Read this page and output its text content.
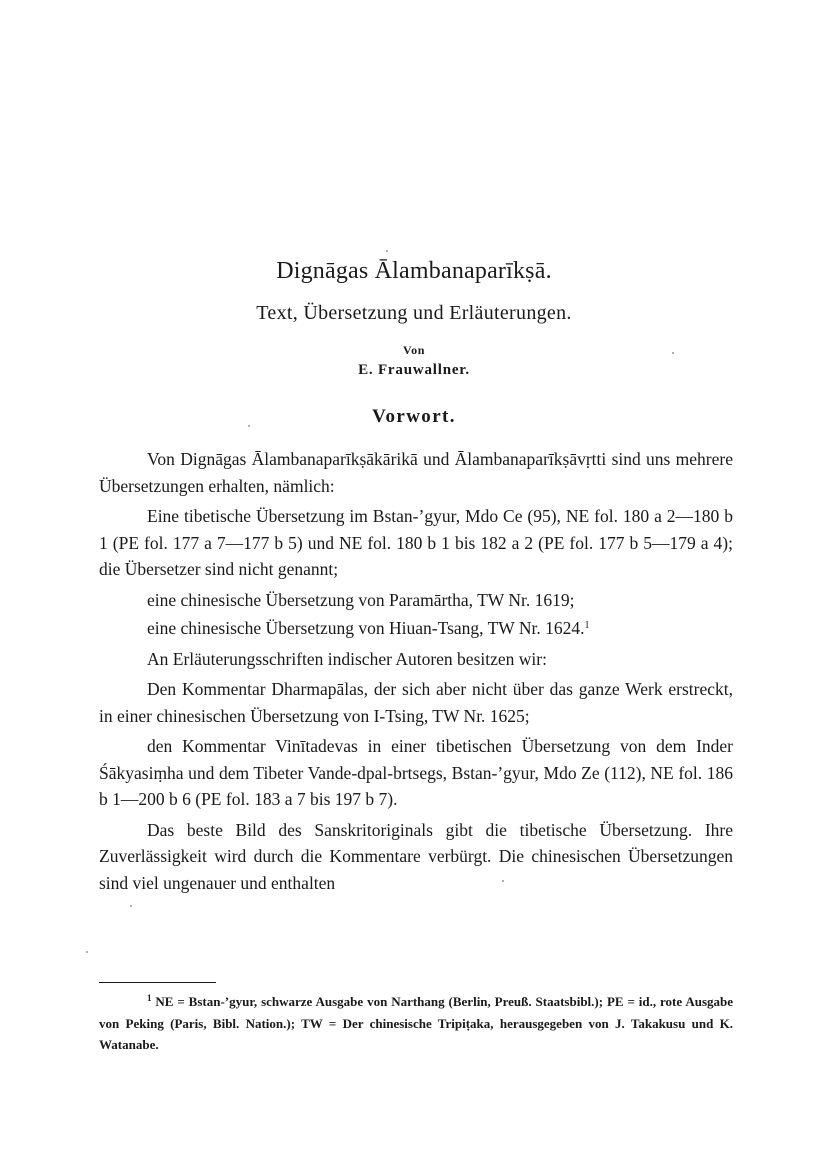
Dignāgas Ālambanaparīkṣā.
Text, Übersetzung und Erläuterungen.
Von
E. Frauwallner.
Vorwort.

Von Dignāgas Ālambanaparīkṣākārikā und Ālambanaparīkṣāvṛtti sind uns mehrere Übersetzungen erhalten, nämlich:

Eine tibetische Übersetzung im Bstan-ʼgyur, Mdo Ce (95), NE fol. 180 a 2—180 b 1 (PE fol. 177 a 7—177 b 5) und NE fol. 180 b 1 bis 182 a 2 (PE fol. 177 b 5—179 a 4); die Übersetzer sind nicht genannt;

eine chinesische Übersetzung von Paramārtha, TW Nr. 1619;

eine chinesische Übersetzung von Hiuan-Tsang, TW Nr. 1624.$^1$

An Erläuterungsschriften indischer Autoren besitzen wir:

Den Kommentar Dharmapālas, der sich aber nicht über das ganze Werk erstreckt, in einer chinesischen Übersetzung von I-Tsing, TW Nr. 1625;

den Kommentar Vinītadevas in einer tibetischen Übersetzung von dem Inder Śākyasiṃha und dem Tibeter Vande-dpal-brtsegs, Bstan-ʼgyur, Mdo Ze (112), NE fol. 186 b 1—200 b 6 (PE fol. 183 a 7 bis 197 b 7).

Das beste Bild des Sanskritoriginals gibt die tibetische Übersetzung. Ihre Zuverlässigkeit wird durch die Kommentare verbürgt. Die chinesischen Übersetzungen sind viel ungenauer und enthalten

$^1$ NE = Bstan-ʼgyur, schwarze Ausgabe von Narthang (Berlin, Preuß. Staatsbibl.); PE = id., rote Ausgabe von Peking (Paris, Bibl. Nation.); TW = Der chinesische Tripiṭaka, herausgegeben von J. Takakusu und K. Watanabe.
